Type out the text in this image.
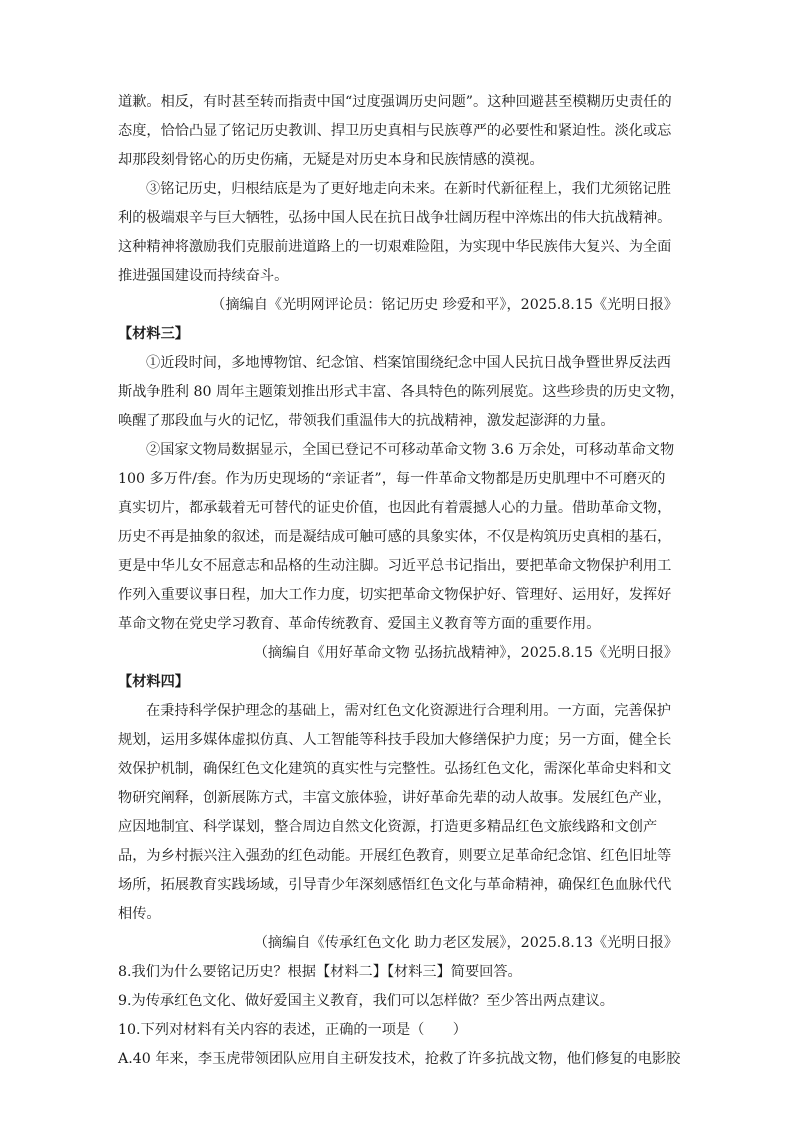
道歉。相反，有时甚至转而指责中国“过度强调历史问题”。这种回避甚至模糊历史责任的
态度，恰恰凸显了铭记历史教训、捍卫历史真相与民族尊严的必要性和紧迫性。淡化或忘
却那段刻骨铭心的历史伤痛，无疑是对历史本身和民族情感的漠视。
③铭记历史，归根结底是为了更好地走向未来。在新时代新征程上，我们尤须铭记胜
利的极端艰辛与巨大牺牲，弘扬中国人民在抗日战争壮阔历程中淬炼出的伟大抗战精神。
这种精神将激励我们克服前进道路上的一切艰难险阻，为实现中华民族伟大复兴、为全面
推进强国建设而持续奋斗。

（摘编自《光明网评论员：铭记历史 珍爱和平》，2025.8.15《光明日报》

【材料三】

①近段时间，多地博物馆、纪念馆、档案馆围绕纪念中国人民抗日战争暨世界反法西
斯战争胜利 80 周年主题策划推出形式丰富、各具特色的陈列展览。这些珍贵的历史文物，
唤醒了那段血与火的记忆，带领我们重温伟大的抗战精神，激发起澎湃的力量。
②国家文物局数据显示，全国已登记不可移动革命文物 3.6 万余处，可移动革命文物
100 多万件/套。作为历史现场的“亲证者”，每一件革命文物都是历史肌理中不可磨灭的
真实切片，都承载着无可替代的证史价值，也因此有着震撼人心的力量。借助革命文物，
历史不再是抽象的叙述，而是凝结成可触可感的具象实体，不仅是构筑历史真相的基石，
更是中华儿女不屈意志和品格的生动注脚。习近平总书记指出，要把革命文物保护利用工
作列入重要议事日程，加大工作力度，切实把革命文物保护好、管理好、运用好，发挥好
革命文物在党史学习教育、革命传统教育、爱国主义教育等方面的重要作用。

（摘编自《用好革命文物 弘扬抗战精神》，2025.8.15《光明日报》

【材料四】

在秉持科学保护理念的基础上，需对红色文化资源进行合理利用。一方面，完善保护
规划，运用多媒体虚拟仿真、人工智能等科技手段加大修缮保护力度；另一方面，健全长
效保护机制，确保红色文化建筑的真实性与完整性。弘扬红色文化，需深化革命史料和文
物研究阐释，创新展陈方式，丰富文旅体验，讲好革命先辈的动人故事。发展红色产业，
应因地制宜、科学谋划，整合周边自然文化资源，打造更多精品红色文旅线路和文创产
品，为乡村振兴注入强劲的红色动能。开展红色教育，则要立足革命纪念馆、红色旧址等
场所，拓展教育实践场域，引导青少年深刻感悟红色文化与革命精神，确保红色血脉代代
相传。

（摘编自《传承红色文化 助力老区发展》，2025.8.13《光明日报》

8.我们为什么要铭记历史？根据【材料二】【材料三】简要回答。

9.为传承红色文化、做好爱国主义教育，我们可以怎样做？至少答出两点建议。

10.下列对材料有关内容的表述，正确的一项是（　　）

A.40 年来，李玉虎带领团队应用自主研发技术，抢救了许多抗战文物，他们修复的电影胶
